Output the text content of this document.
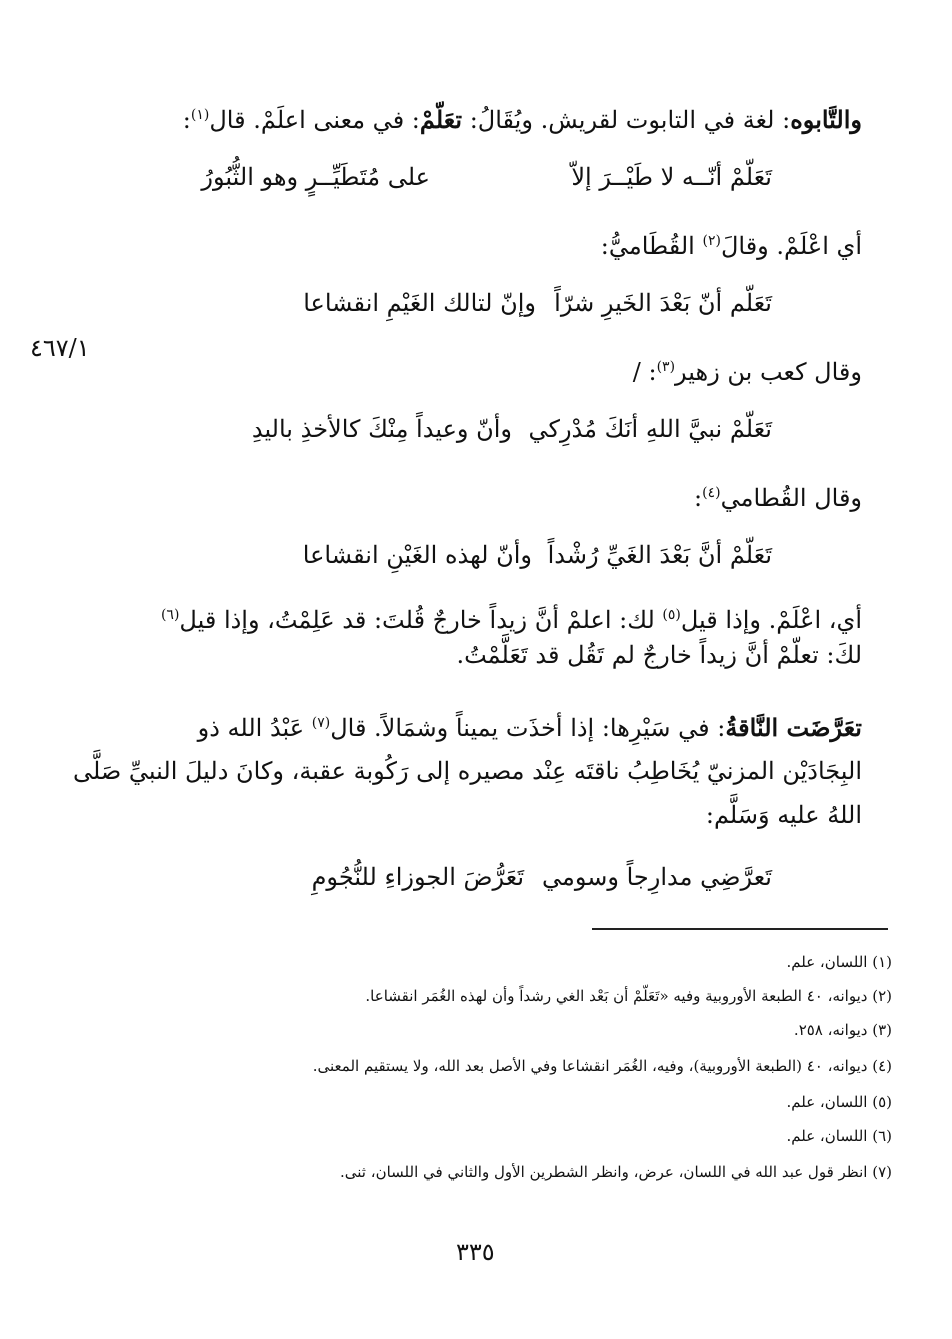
والتَّابوه: لغة في التابوت لقريش. ويُقَالُ: تعَلّمْ: في معنى اعلَمْ. قال$^{(١)}$:
تَعَلّمْ أنّــه لا طَيْــرَ إلاّ
على مُتَطَيِّــرٍ وهو الثُّبُورُ
أي اعْلَمْ. وقالَ$^{(٢)}$ القُطَاميُّ:
تَعَلّم أنّ بَعْدَ الخَيرِ شرّاً
وإنّ لتالك الغَيْمِ انقشاعا
٤٦٧/١
وقال كعب بن زهير$^{(٣)}$: /
تَعَلّمْ نبيَّ اللهِ أنَكَ مُدْرِكي
وأنّ وعيداً مِنْكَ كالأخذِ باليدِ
وقال القُطامي$^{(٤)}$:
تَعَلّمْ أنَّ بَعْدَ الغَيِّ رُشْداً
وأنّ لهذه الغَيْنِ انقشاعا
أي، اعْلَمْ. وإذا قيل$^{(٥)}$ لك: اعلمْ أنَّ زيداً خارجٌ قُلتَ: قد عَلِمْتُ، وإذا قيل$^{(٦)}$
لكَ: تعلّمْ أنَّ زيداً خارجٌ لم تَقُل قد تَعَلَّمْتُ.
تعَرَّضَت النَّاقةُ: في سَيْرِها: إذا أخذَت يميناً وشمَالاً. قال$^{(٧)}$ عَبْدُ الله ذو
البِجَادَيْن المزنيّ يُخَاطِبُ ناقتَه عِنْد مصيره إلى رَكُوبة عقبة، وكانَ دليلَ النبيِّ صَلَّى
اللهُ عليه وَسَلَّم:
تَعرَّضِي مدارِجاً وسومي
تَعَرُّضَ الجوزاءِ للنُّجُومِ
(١) اللسان، علم.
(٢) ديوانه، ٤٠ الطبعة الأوروبية وفيه «تَعَلّمْ أن بَعْد الغي رشداً وأن لهذه الغُمَر انقشاعا.
(٣) ديوانه، ٢٥٨.
(٤) ديوانه، ٤٠ (الطبعة الأوروبية)، وفيه، الغُمَر انقشاعا وفي الأصل بعد الله، ولا يستقيم المعنى.
(٥) اللسان، علم.
(٦) اللسان، علم.
(٧) انظر قول عبد الله في اللسان، عرض، وانظر الشطرين الأول والثاني في اللسان، ثنى.
٣٣٥
